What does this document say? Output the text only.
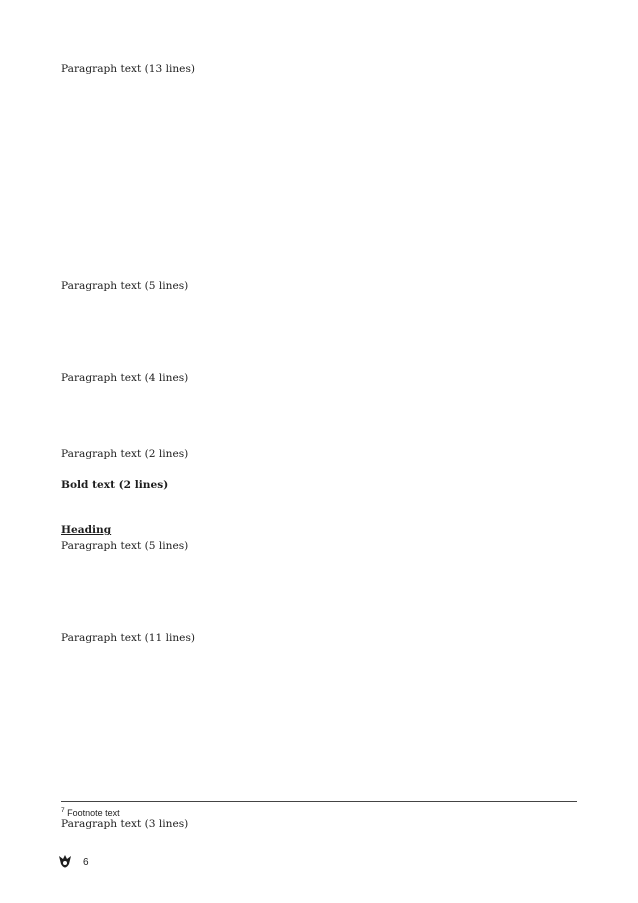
Paragraph text (13 lines)

Paragraph text (5 lines)

Paragraph text (4 lines)

Paragraph text (2 lines)

Bold text (2 lines)

Heading

Paragraph text (5 lines)

Paragraph text (11 lines)

Paragraph text (3 lines)

$^7$ Footnote text
6
